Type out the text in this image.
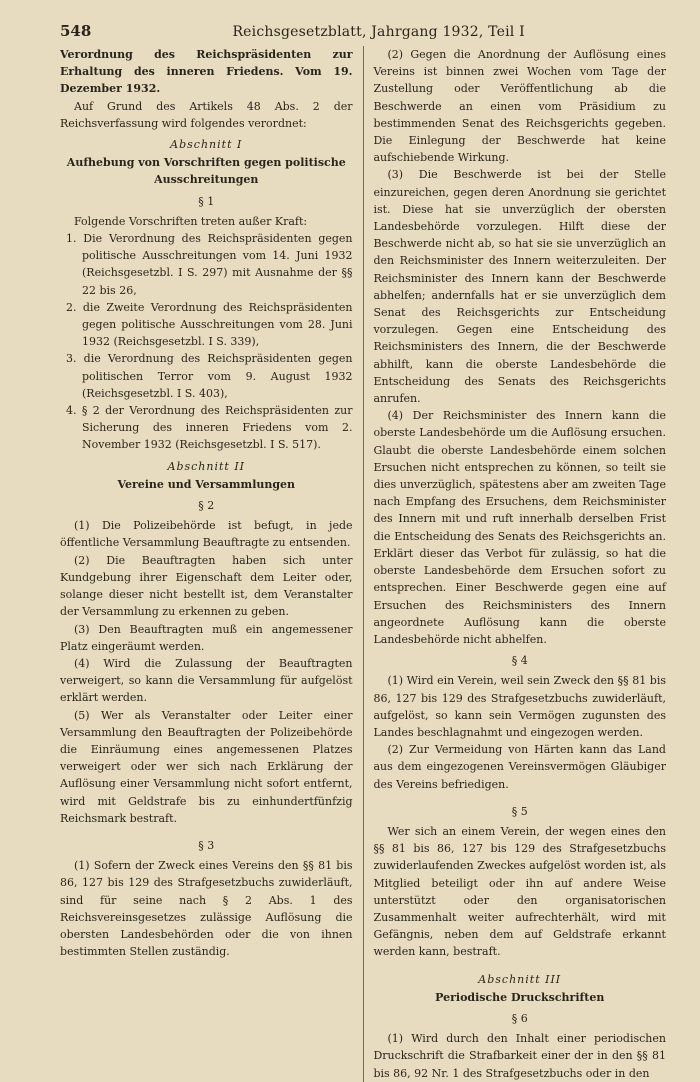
548	Reichsgesetzblatt, Jahrgang 1932, Teil I

Verordnung des Reichspräsidenten zur Erhaltung des inneren Friedens. Vom 19. Dezember 1932.

Auf Grund des Artikels 48 Abs. 2 der Reichsverfassung wird folgendes verordnet:

Abschnitt I

Aufhebung von Vorschriften gegen politische Ausschreitungen

§ 1

Folgende Vorschriften treten außer Kraft:

1. Die Verordnung des Reichspräsidenten gegen politische Ausschreitungen vom 14. Juni 1932 (Reichsgesetzbl. I S. 297) mit Ausnahme der §§ 22 bis 26,

2. die Zweite Verordnung des Reichspräsidenten gegen politische Ausschreitungen vom 28. Juni 1932 (Reichsgesetzbl. I S. 339),

3. die Verordnung des Reichspräsidenten gegen politischen Terror vom 9. August 1932 (Reichsgesetzbl. I S. 403),

4. § 2 der Verordnung des Reichspräsidenten zur Sicherung des inneren Friedens vom 2. November 1932 (Reichsgesetzbl. I S. 517).

Abschnitt II

Vereine und Versammlungen

§ 2

(1) Die Polizeibehörde ist befugt, in jede öffentliche Versammlung Beauftragte zu entsenden.

(2) Die Beauftragten haben sich unter Kundgebung ihrer Eigenschaft dem Leiter oder, solange dieser nicht bestellt ist, dem Veranstalter der Versammlung zu erkennen zu geben.

(3) Den Beauftragten muß ein angemessener Platz eingeräumt werden.

(4) Wird die Zulassung der Beauftragten verweigert, so kann die Versammlung für aufgelöst erklärt werden.

(5) Wer als Veranstalter oder Leiter einer Versammlung den Beauftragten der Polizeibehörde die Einräumung eines angemessenen Platzes verweigert oder wer sich nach Erklärung der Auflösung einer Versammlung nicht sofort entfernt, wird mit Geldstrafe bis zu einhundertfünfzig Reichsmark bestraft.

§ 3

(1) Sofern der Zweck eines Vereins den §§ 81 bis 86, 127 bis 129 des Strafgesetzbuchs zuwiderläuft, sind für seine nach § 2 Abs. 1 des Reichsvereinsgesetzes zulässige Auflösung die obersten Landesbehörden oder die von ihnen bestimmten Stellen zuständig.

(2) Gegen die Anordnung der Auflösung eines Vereins ist binnen zwei Wochen vom Tage der Zustellung oder Veröffentlichung ab die Beschwerde an einen vom Präsidium zu bestimmenden Senat des Reichsgerichts gegeben. Die Einlegung der Beschwerde hat keine aufschiebende Wirkung.

(3) Die Beschwerde ist bei der Stelle einzureichen, gegen deren Anordnung sie gerichtet ist. Diese hat sie unverzüglich der obersten Landesbehörde vorzulegen. Hilft diese der Beschwerde nicht ab, so hat sie sie unverzüglich an den Reichsminister des Innern weiterzuleiten. Der Reichsminister des Innern kann der Beschwerde abhelfen; andernfalls hat er sie unverzüglich dem Senat des Reichsgerichts zur Entscheidung vorzulegen. Gegen eine Entscheidung des Reichsministers des Innern, die der Beschwerde abhilft, kann die oberste Landesbehörde die Entscheidung des Senats des Reichsgerichts anrufen.

(4) Der Reichsminister des Innern kann die oberste Landesbehörde um die Auflösung ersuchen. Glaubt die oberste Landesbehörde einem solchen Ersuchen nicht entsprechen zu können, so teilt sie dies unverzüglich, spätestens aber am zweiten Tage nach Empfang des Ersuchens, dem Reichsminister des Innern mit und ruft innerhalb derselben Frist die Entscheidung des Senats des Reichsgerichts an. Erklärt dieser das Verbot für zulässig, so hat die oberste Landesbehörde dem Ersuchen sofort zu entsprechen. Einer Beschwerde gegen eine auf Ersuchen des Reichsministers des Innern angeordnete Auflösung kann die oberste Landesbehörde nicht abhelfen.

§ 4

(1) Wird ein Verein, weil sein Zweck den §§ 81 bis 86, 127 bis 129 des Strafgesetzbuchs zuwiderläuft, aufgelöst, so kann sein Vermögen zugunsten des Landes beschlagnahmt und eingezogen werden.

(2) Zur Vermeidung von Härten kann das Land aus dem eingezogenen Vereinsvermögen Gläubiger des Vereins befriedigen.

§ 5

Wer sich an einem Verein, der wegen eines den §§ 81 bis 86, 127 bis 129 des Strafgesetzbuchs zuwiderlaufenden Zweckes aufgelöst worden ist, als Mitglied beteiligt oder ihn auf andere Weise unterstützt oder den organisatorischen Zusammenhalt weiter aufrechterhält, wird mit Gefängnis, neben dem auf Geldstrafe erkannt werden kann, bestraft.

Abschnitt III

Periodische Druckschriften

§ 6

(1) Wird durch den Inhalt einer periodischen Druckschrift die Strafbarkeit einer der in den §§ 81 bis 86, 92 Nr. 1 des Strafgesetzbuchs oder in den
